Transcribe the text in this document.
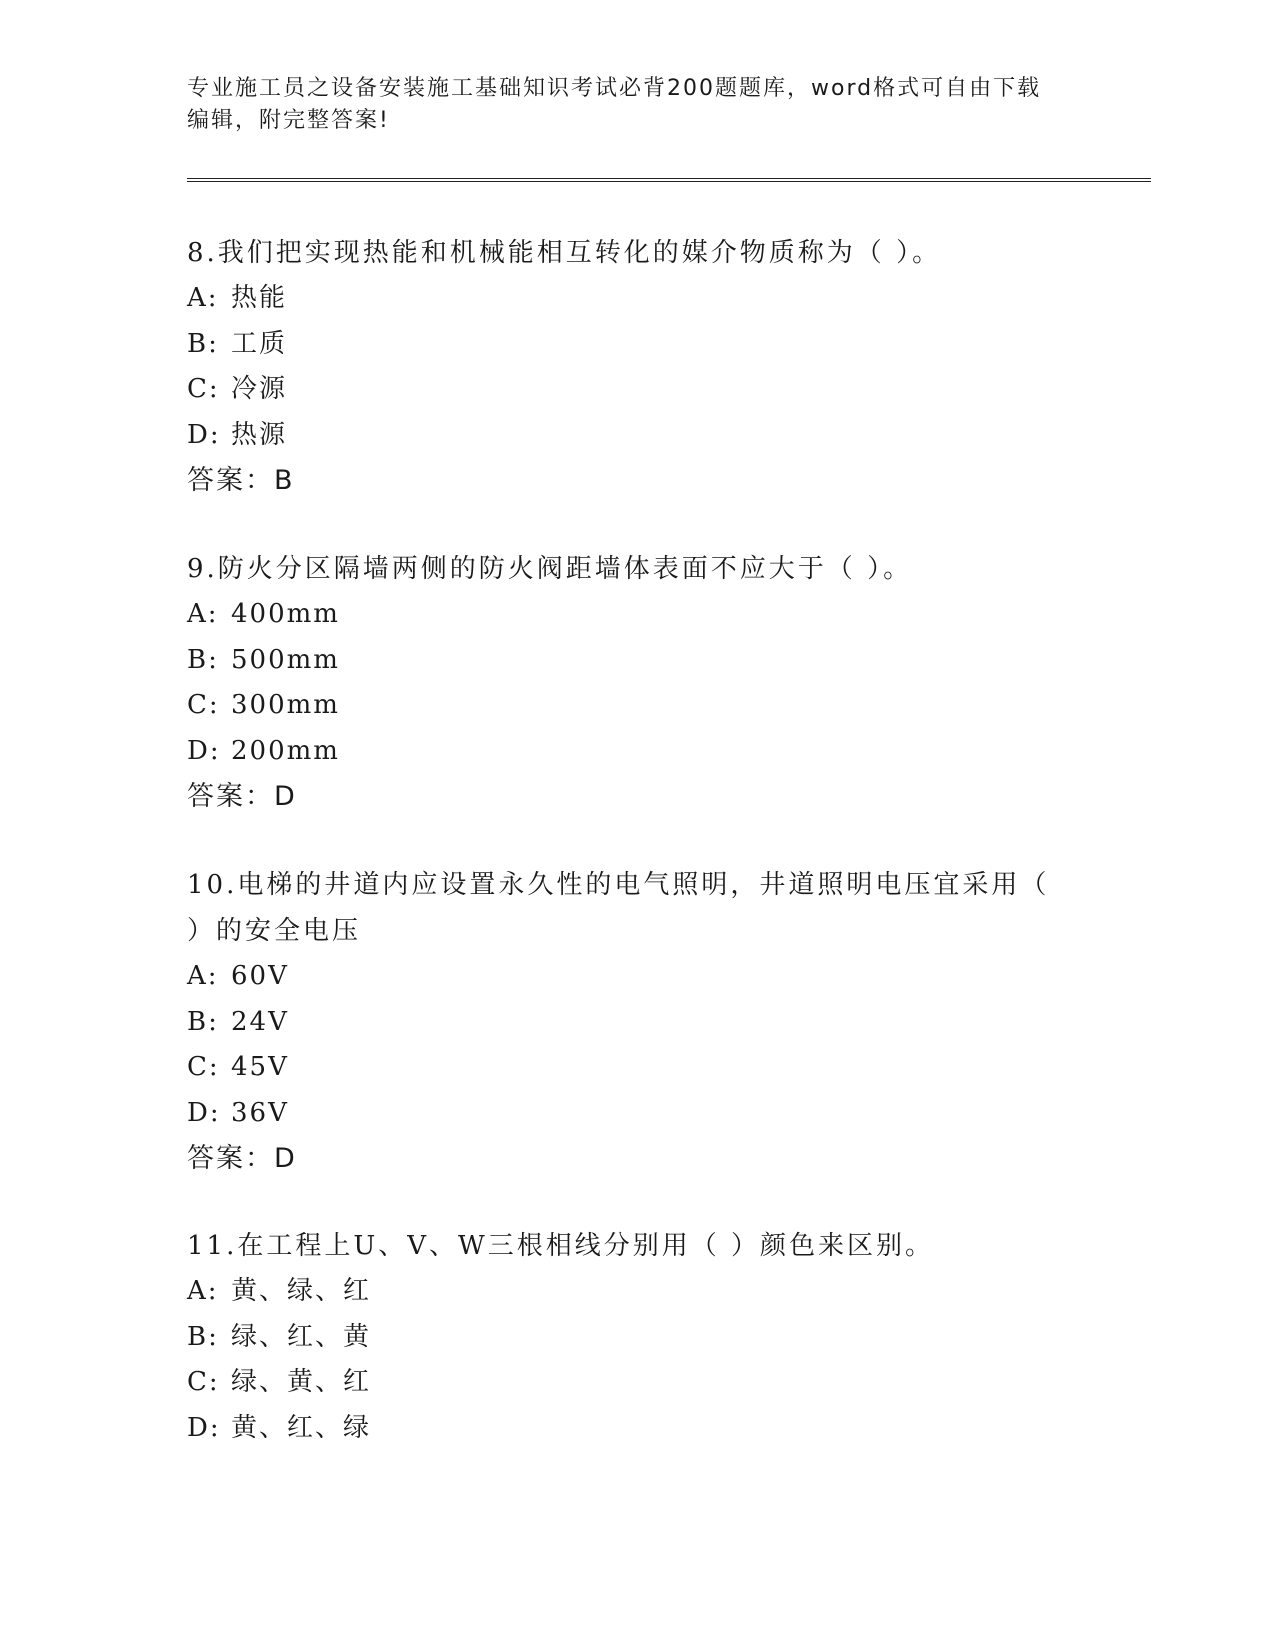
专业施工员之设备安装施工基础知识考试必背200题题库，word格式可自由下载
编辑，附完整答案!
8.我们把实现热能和机械能相互转化的媒介物质称为（ ）。
A: 热能
B: 工质
C: 冷源
D: 热源
答案：B
9.防火分区隔墙两侧的防火阀距墙体表面不应大于（ ）。
A: 400mm
B: 500mm
C: 300mm
D: 200mm
答案：D
10.电梯的井道内应设置永久性的电气照明，井道照明电压宜采用（
）的安全电压
A: 60V
B: 24V
C: 45V
D: 36V
答案：D
11.在工程上U、V、W三根相线分别用（ ）颜色来区别。
A: 黄、绿、红
B: 绿、红、黄
C: 绿、黄、红
D: 黄、红、绿
